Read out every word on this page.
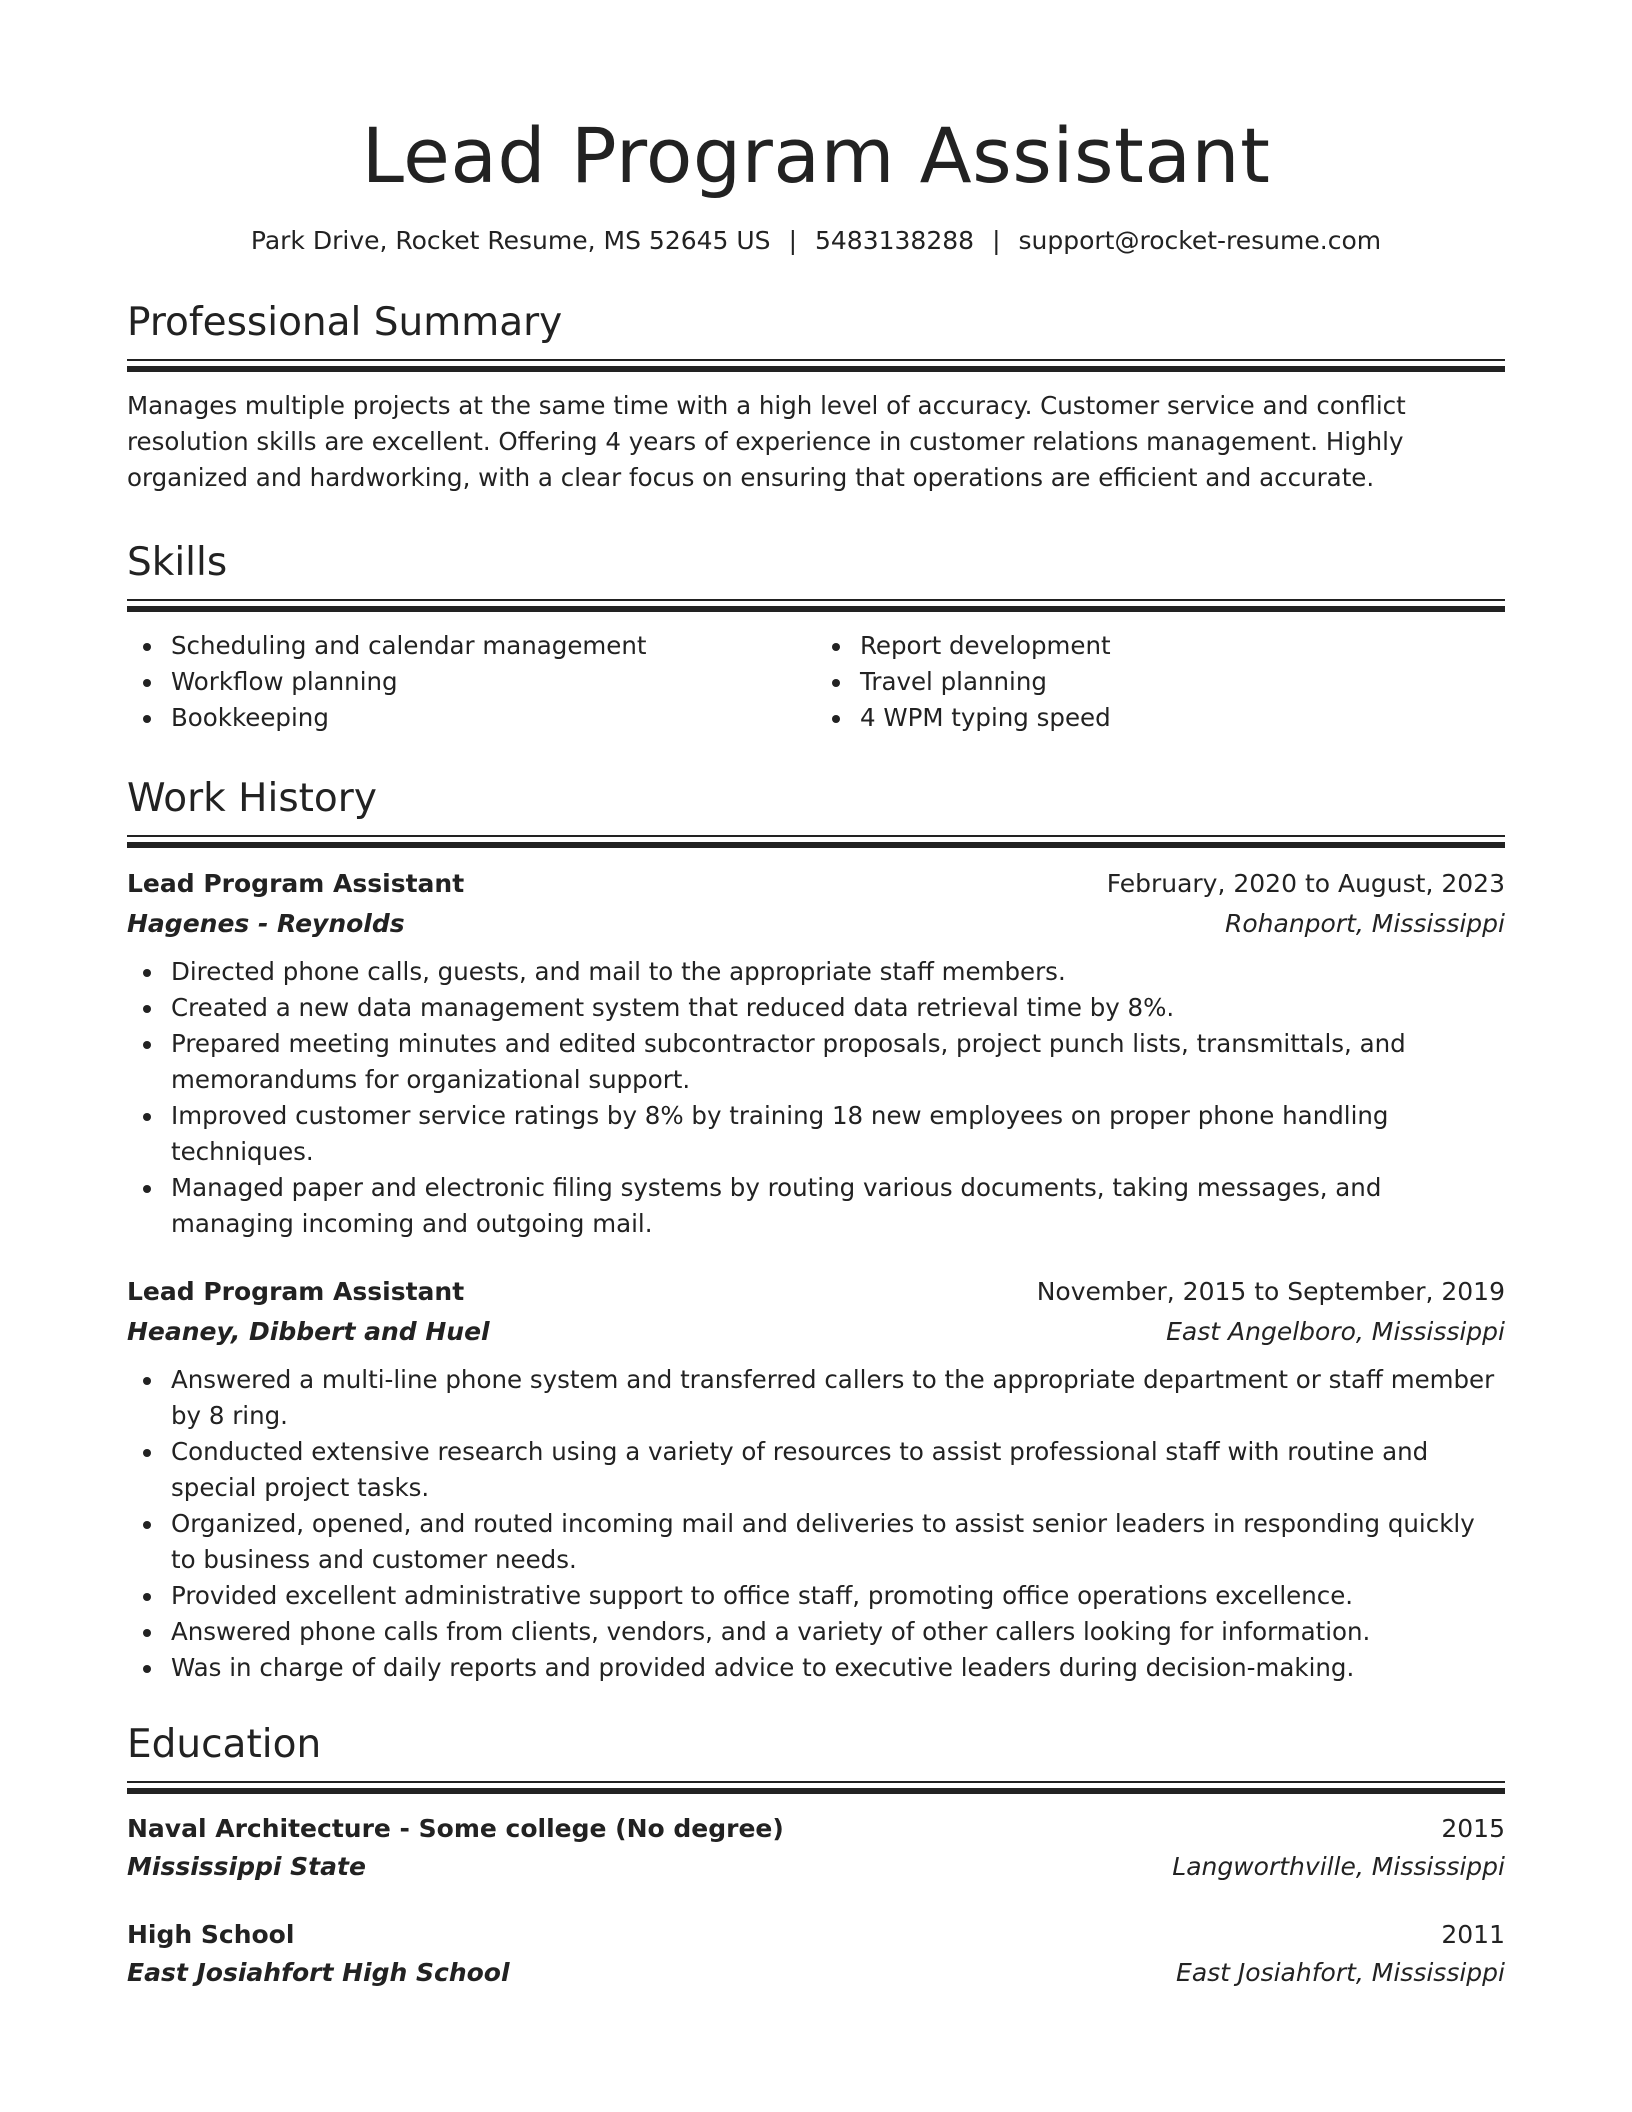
Lead Program Assistant
Park Drive, Rocket Resume, MS 52645 US | 5483138288 | support@rocket-resume.com
Professional Summary

Manages multiple projects at the same time with a high level of accuracy. Customer service and conflict resolution skills are excellent. Offering 4 years of experience in customer relations management. Highly organized and hardworking, with a clear focus on ensuring that operations are efficient and accurate.

Skills
Scheduling and calendar management
Workflow planning
Bookkeeping
Report development
Travel planning
4 WPM typing speed
Work History
Lead Program Assistant	February, 2020 to August, 2023
Hagenes - Reynolds	Rohanport, Mississippi
Directed phone calls, guests, and mail to the appropriate staff members.
Created a new data management system that reduced data retrieval time by 8%.
Prepared meeting minutes and edited subcontractor proposals, project punch lists, transmittals, and memorandums for organizational support.
Improved customer service ratings by 8% by training 18 new employees on proper phone handling techniques.
Managed paper and electronic filing systems by routing various documents, taking messages, and managing incoming and outgoing mail.
Lead Program Assistant	November, 2015 to September, 2019
Heaney, Dibbert and Huel	East Angelboro, Mississippi
Answered a multi-line phone system and transferred callers to the appropriate department or staff member by 8 ring.
Conducted extensive research using a variety of resources to assist professional staff with routine and special project tasks.
Organized, opened, and routed incoming mail and deliveries to assist senior leaders in responding quickly to business and customer needs.
Provided excellent administrative support to office staff, promoting office operations excellence.
Answered phone calls from clients, vendors, and a variety of other callers looking for information.
Was in charge of daily reports and provided advice to executive leaders during decision-making.
Education
Naval Architecture - Some college (No degree)	2015
Mississippi State	Langworthville, Mississippi
High School	2011
East Josiahfort High School	East Josiahfort, Mississippi
